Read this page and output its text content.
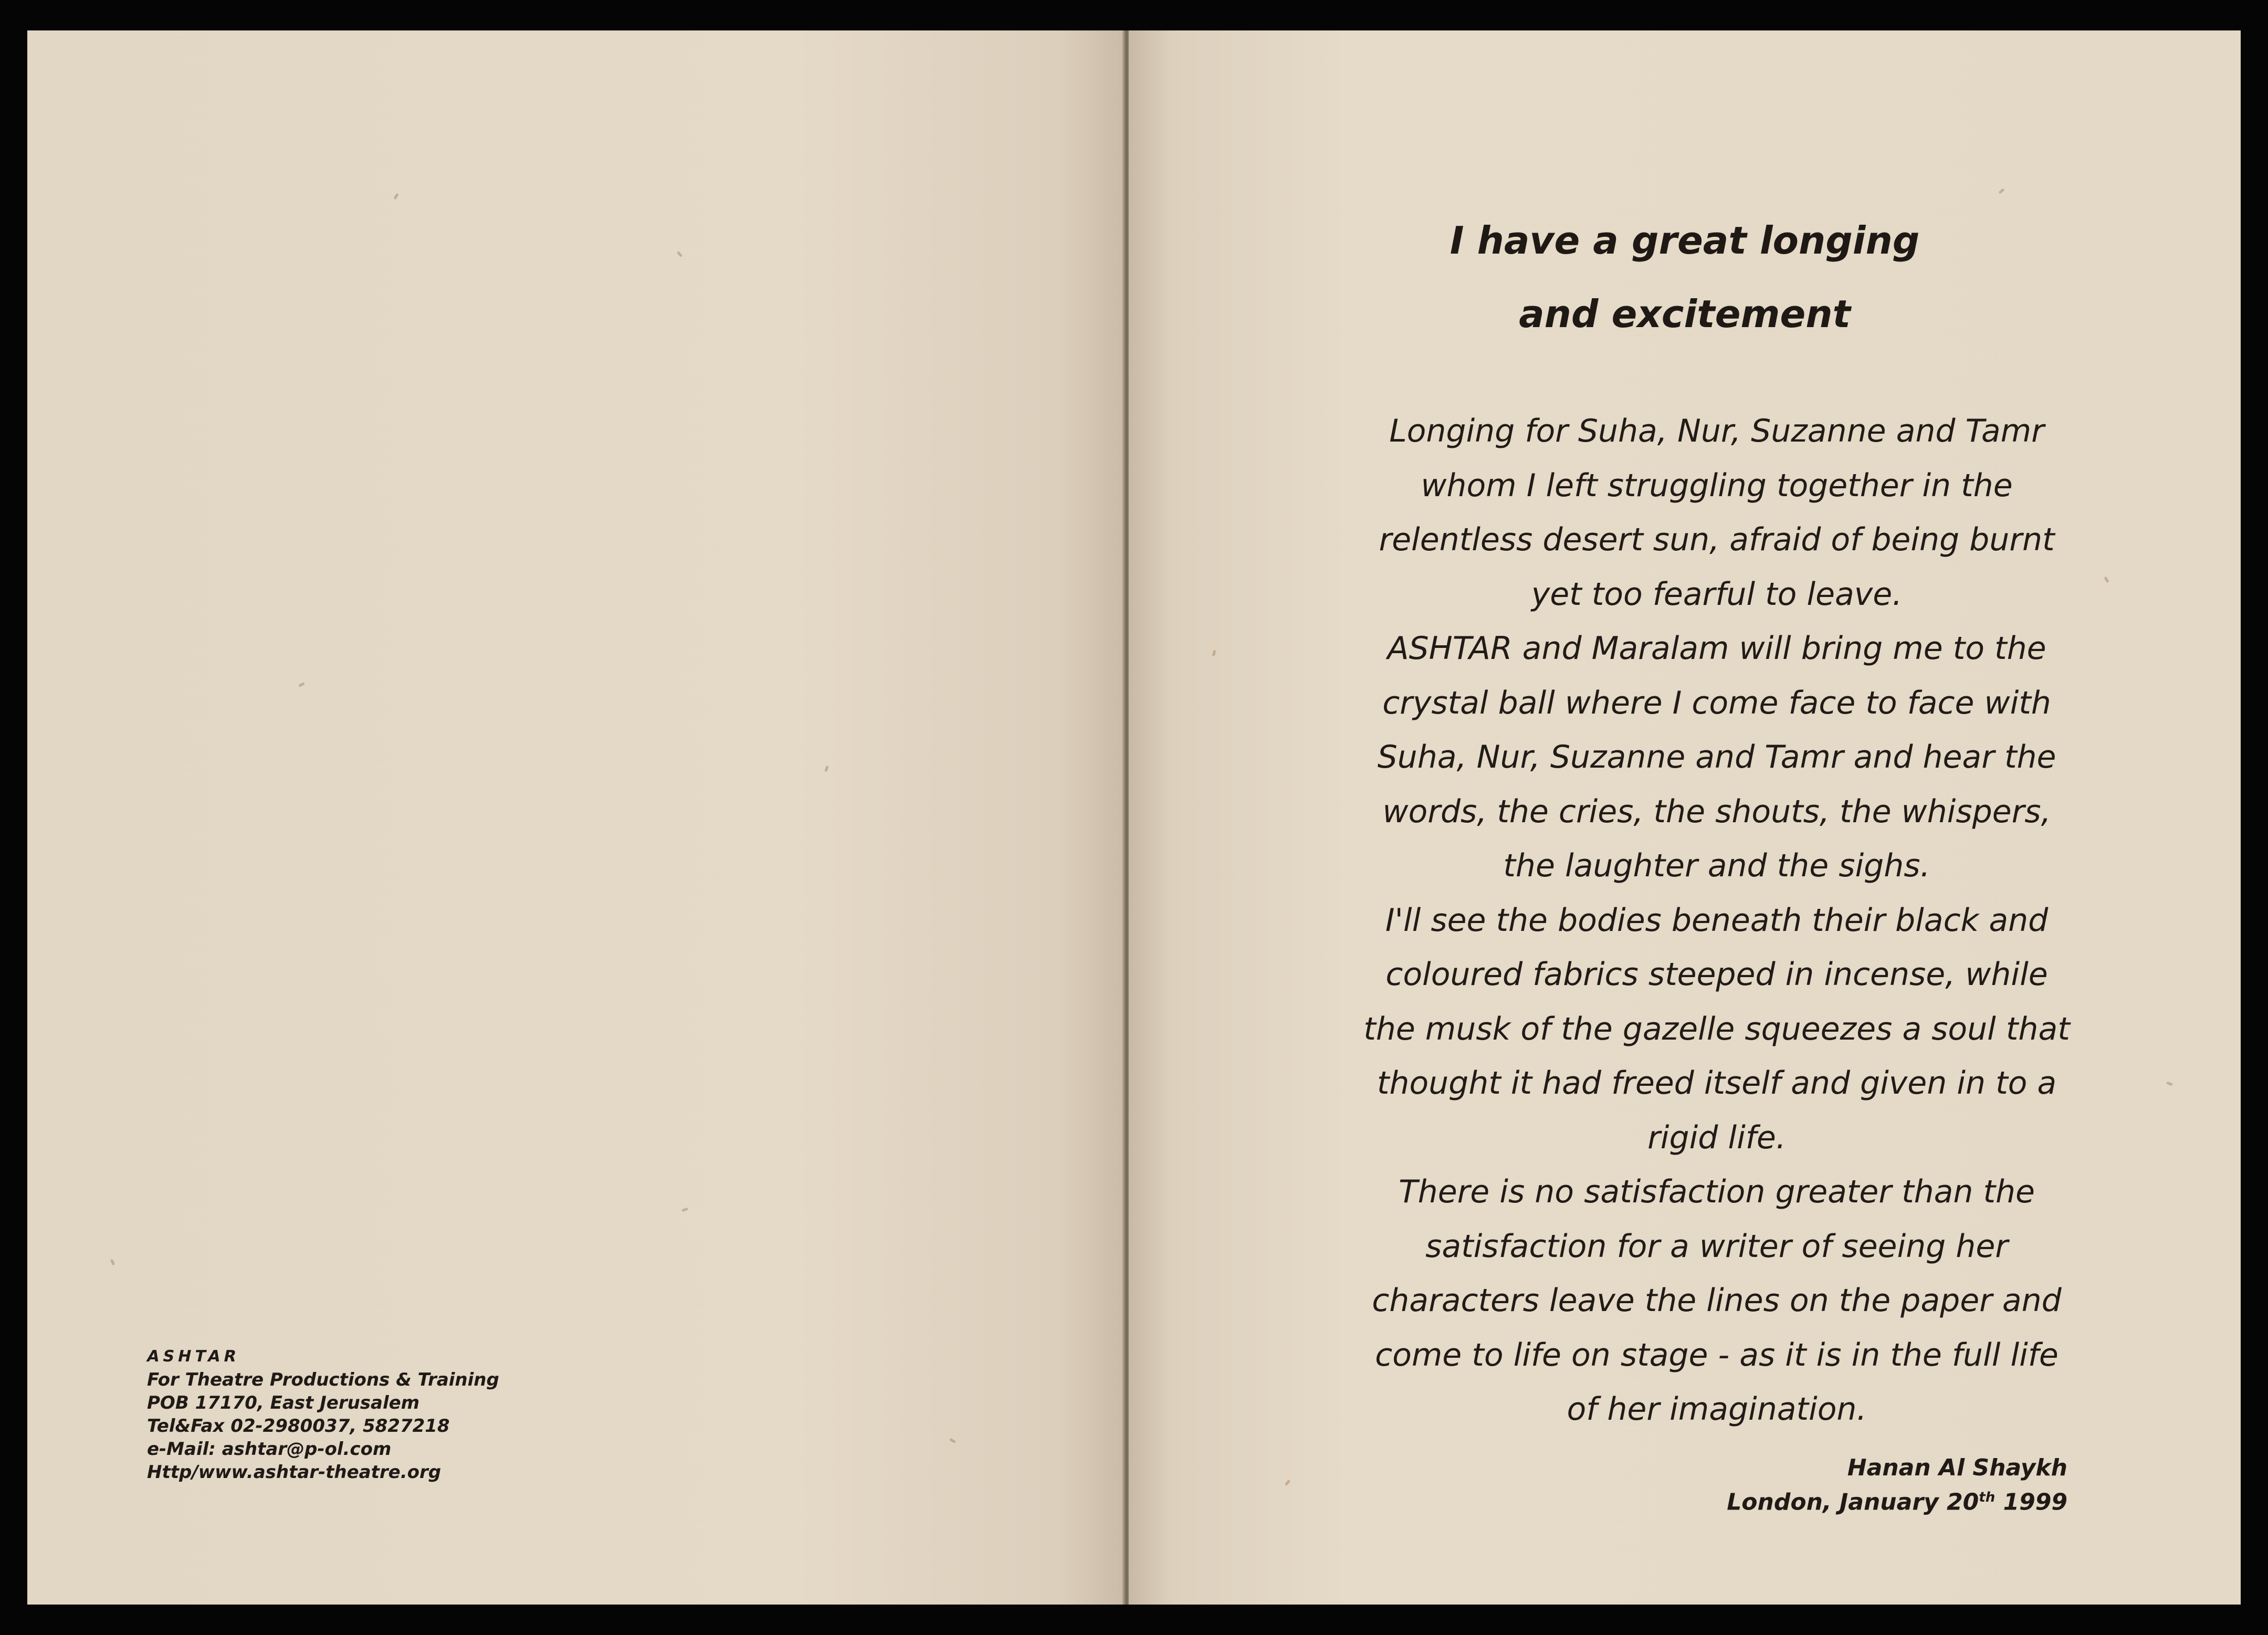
ASHTAR
For Theatre Productions & Training
POB 17170, East Jerusalem
Tel&Fax 02-2980037, 5827218
e-Mail: ashtar@p-ol.com
Http/www.ashtar-theatre.org
I have a great longing
and excitement
Longing for Suha, Nur, Suzanne and Tamr
whom I left struggling together in the
relentless desert sun, afraid of being burnt
yet too fearful to leave.
ASHTAR and Maralam will bring me to the
crystal ball where I come face to face with
Suha, Nur, Suzanne and Tamr and hear the
words, the cries, the shouts, the whispers,
the laughter and the sighs.
I'll see the bodies beneath their black and
coloured fabrics steeped in incense, while
the musk of the gazelle squeezes a soul that
thought it had freed itself and given in to a
rigid life.
There is no satisfaction greater than the
satisfaction for a writer of seeing her
characters leave the lines on the paper and
come to life on stage - as it is in the full life
of her imagination.
Hanan Al Shaykh
London, January 20th 1999
